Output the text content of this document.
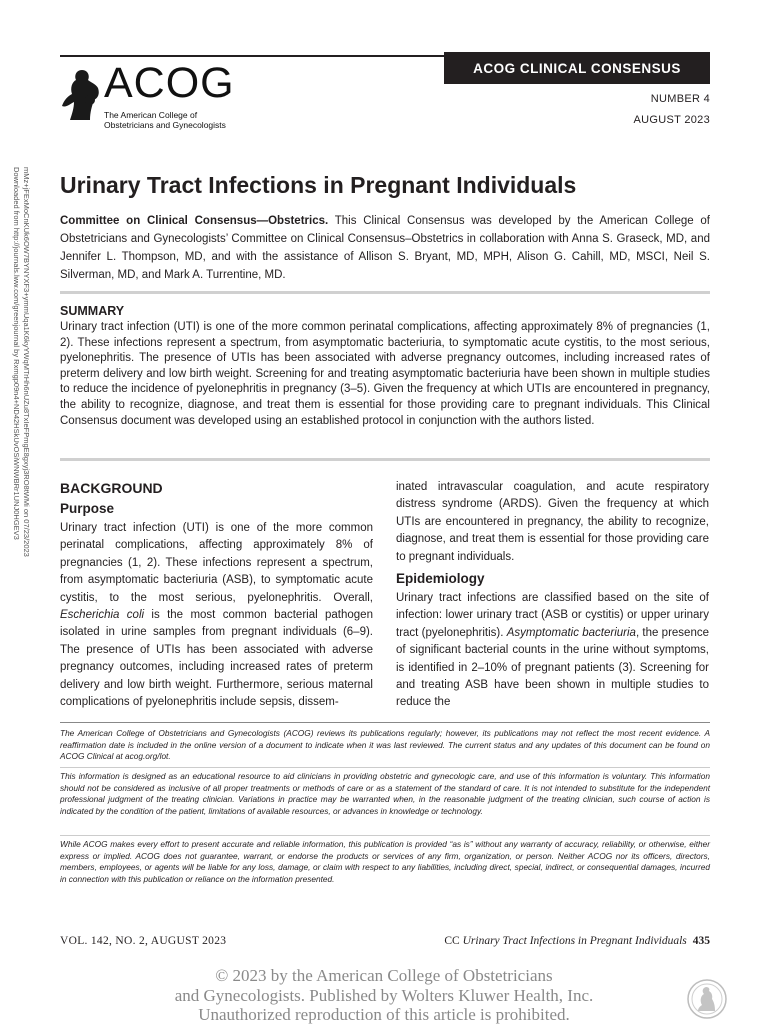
ACOG
The American College of
Obstetricians and Gynecologists
ACOG CLINICAL CONSENSUS
NUMBER 4
AUGUST 2023
Downloaded from http://journals.lww.com/greenjournal by Rxmgp09n4+ND42HSkUvOSiWNWBRr1UNJ0HGEV3 mMz+jFExMoCnKUk6OW7BYNYXF3+ymmUqa1K6kyYWqMTrHh6nUZu8TxIeFPmgE8gxyj3RO8tWMi on 07/23/2023 Urinary Tract Infections in Pregnant Individuals
Committee on Clinical Consensus—Obstetrics. This Clinical Consensus was developed by the American College of Obstetricians and Gynecologists’ Committee on Clinical Consensus–Obstetrics in collaboration with Anna S. Graseck, MD, and Jennifer L. Thompson, MD, and with the assistance of Allison S. Bryant, MD, MPH, Alison G. Cahill, MD, MSCI, Neil S. Silverman, MD, and Mark A. Turrentine, MD.
SUMMARY
Urinary tract infection (UTI) is one of the more common perinatal complications, affecting approximately 8% of pregnancies (1, 2). These infections represent a spectrum, from asymptomatic bacteriuria, to symptomatic acute cystitis, to the most serious, pyelonephritis. The presence of UTIs has been associated with adverse pregnancy outcomes, including increased rates of preterm delivery and low birth weight. Screening for and treating asymptomatic bacteriuria have been shown in multiple studies to reduce the incidence of pyelonephritis in pregnancy (3–5). Given the frequency at which UTIs are encountered in pregnancy, the ability to recognize, diagnose, and treat them is essential for those providing care to pregnant individuals. This Clinical Consensus document was developed using an established protocol in conjunction with the authors listed.
BACKGROUND
Purpose

Urinary tract infection (UTI) is one of the more common perinatal complications, affecting approximately 8% of pregnancies (1, 2). These infections represent a spectrum, from asymptomatic bacteriuria (ASB), to symptomatic acute cystitis, to the most serious, pyelonephritis. Overall, Escherichia coli is the most common bacterial pathogen isolated in urine samples from pregnant individuals (6–9). The presence of UTIs has been associated with adverse pregnancy outcomes, including increased rates of preterm delivery and low birth weight. Furthermore, serious maternal complications of pyelonephritis include sepsis, dissem-

inated intravascular coagulation, and acute respiratory distress syndrome (ARDS). Given the frequency at which UTIs are encountered in pregnancy, the ability to recognize, diagnose, and treat them is essential for those providing care to pregnant individuals.

Epidemiology

Urinary tract infections are classified based on the site of infection: lower urinary tract (ASB or cystitis) or upper urinary tract (pyelonephritis). Asymptomatic bacteriuria, the presence of significant bacterial counts in the urine without symptoms, is identified in 2–10% of pregnant patients (3). Screening for and treating ASB have been shown in multiple studies to reduce the

The American College of Obstetricians and Gynecologists (ACOG) reviews its publications regularly; however, its publications may not reflect the most recent evidence. A reaffirmation date is included in the online version of a document to indicate when it was last reviewed. The current status and any updates of this document can be found on ACOG Clinical at acog.org/lot.
This information is designed as an educational resource to aid clinicians in providing obstetric and gynecologic care, and use of this information is voluntary. This information should not be considered as inclusive of all proper treatments or methods of care or as a statement of the standard of care. It is not intended to substitute for the independent professional judgment of the treating clinician. Variations in practice may be warranted when, in the reasonable judgment of the treating clinician, such course of action is indicated by the condition of the patient, limitations of available resources, or advances in knowledge or technology.
While ACOG makes every effort to present accurate and reliable information, this publication is provided “as is” without any warranty of accuracy, reliability, or otherwise, either express or implied. ACOG does not guarantee, warrant, or endorse the products or services of any firm, organization, or person. Neither ACOG nor its officers, directors, members, employees, or agents will be liable for any loss, damage, or claim with respect to any liabilities, including direct, special, indirect, or consequential damages, incurred in connection with this publication or reliance on the information presented.
VOL. 142, NO. 2, AUGUST 2023	CC Urinary Tract Infections in Pregnant Individuals 435
© 2023 by the American College of Obstetricians
and Gynecologists. Published by Wolters Kluwer Health, Inc.
Unauthorized reproduction of this article is prohibited.
